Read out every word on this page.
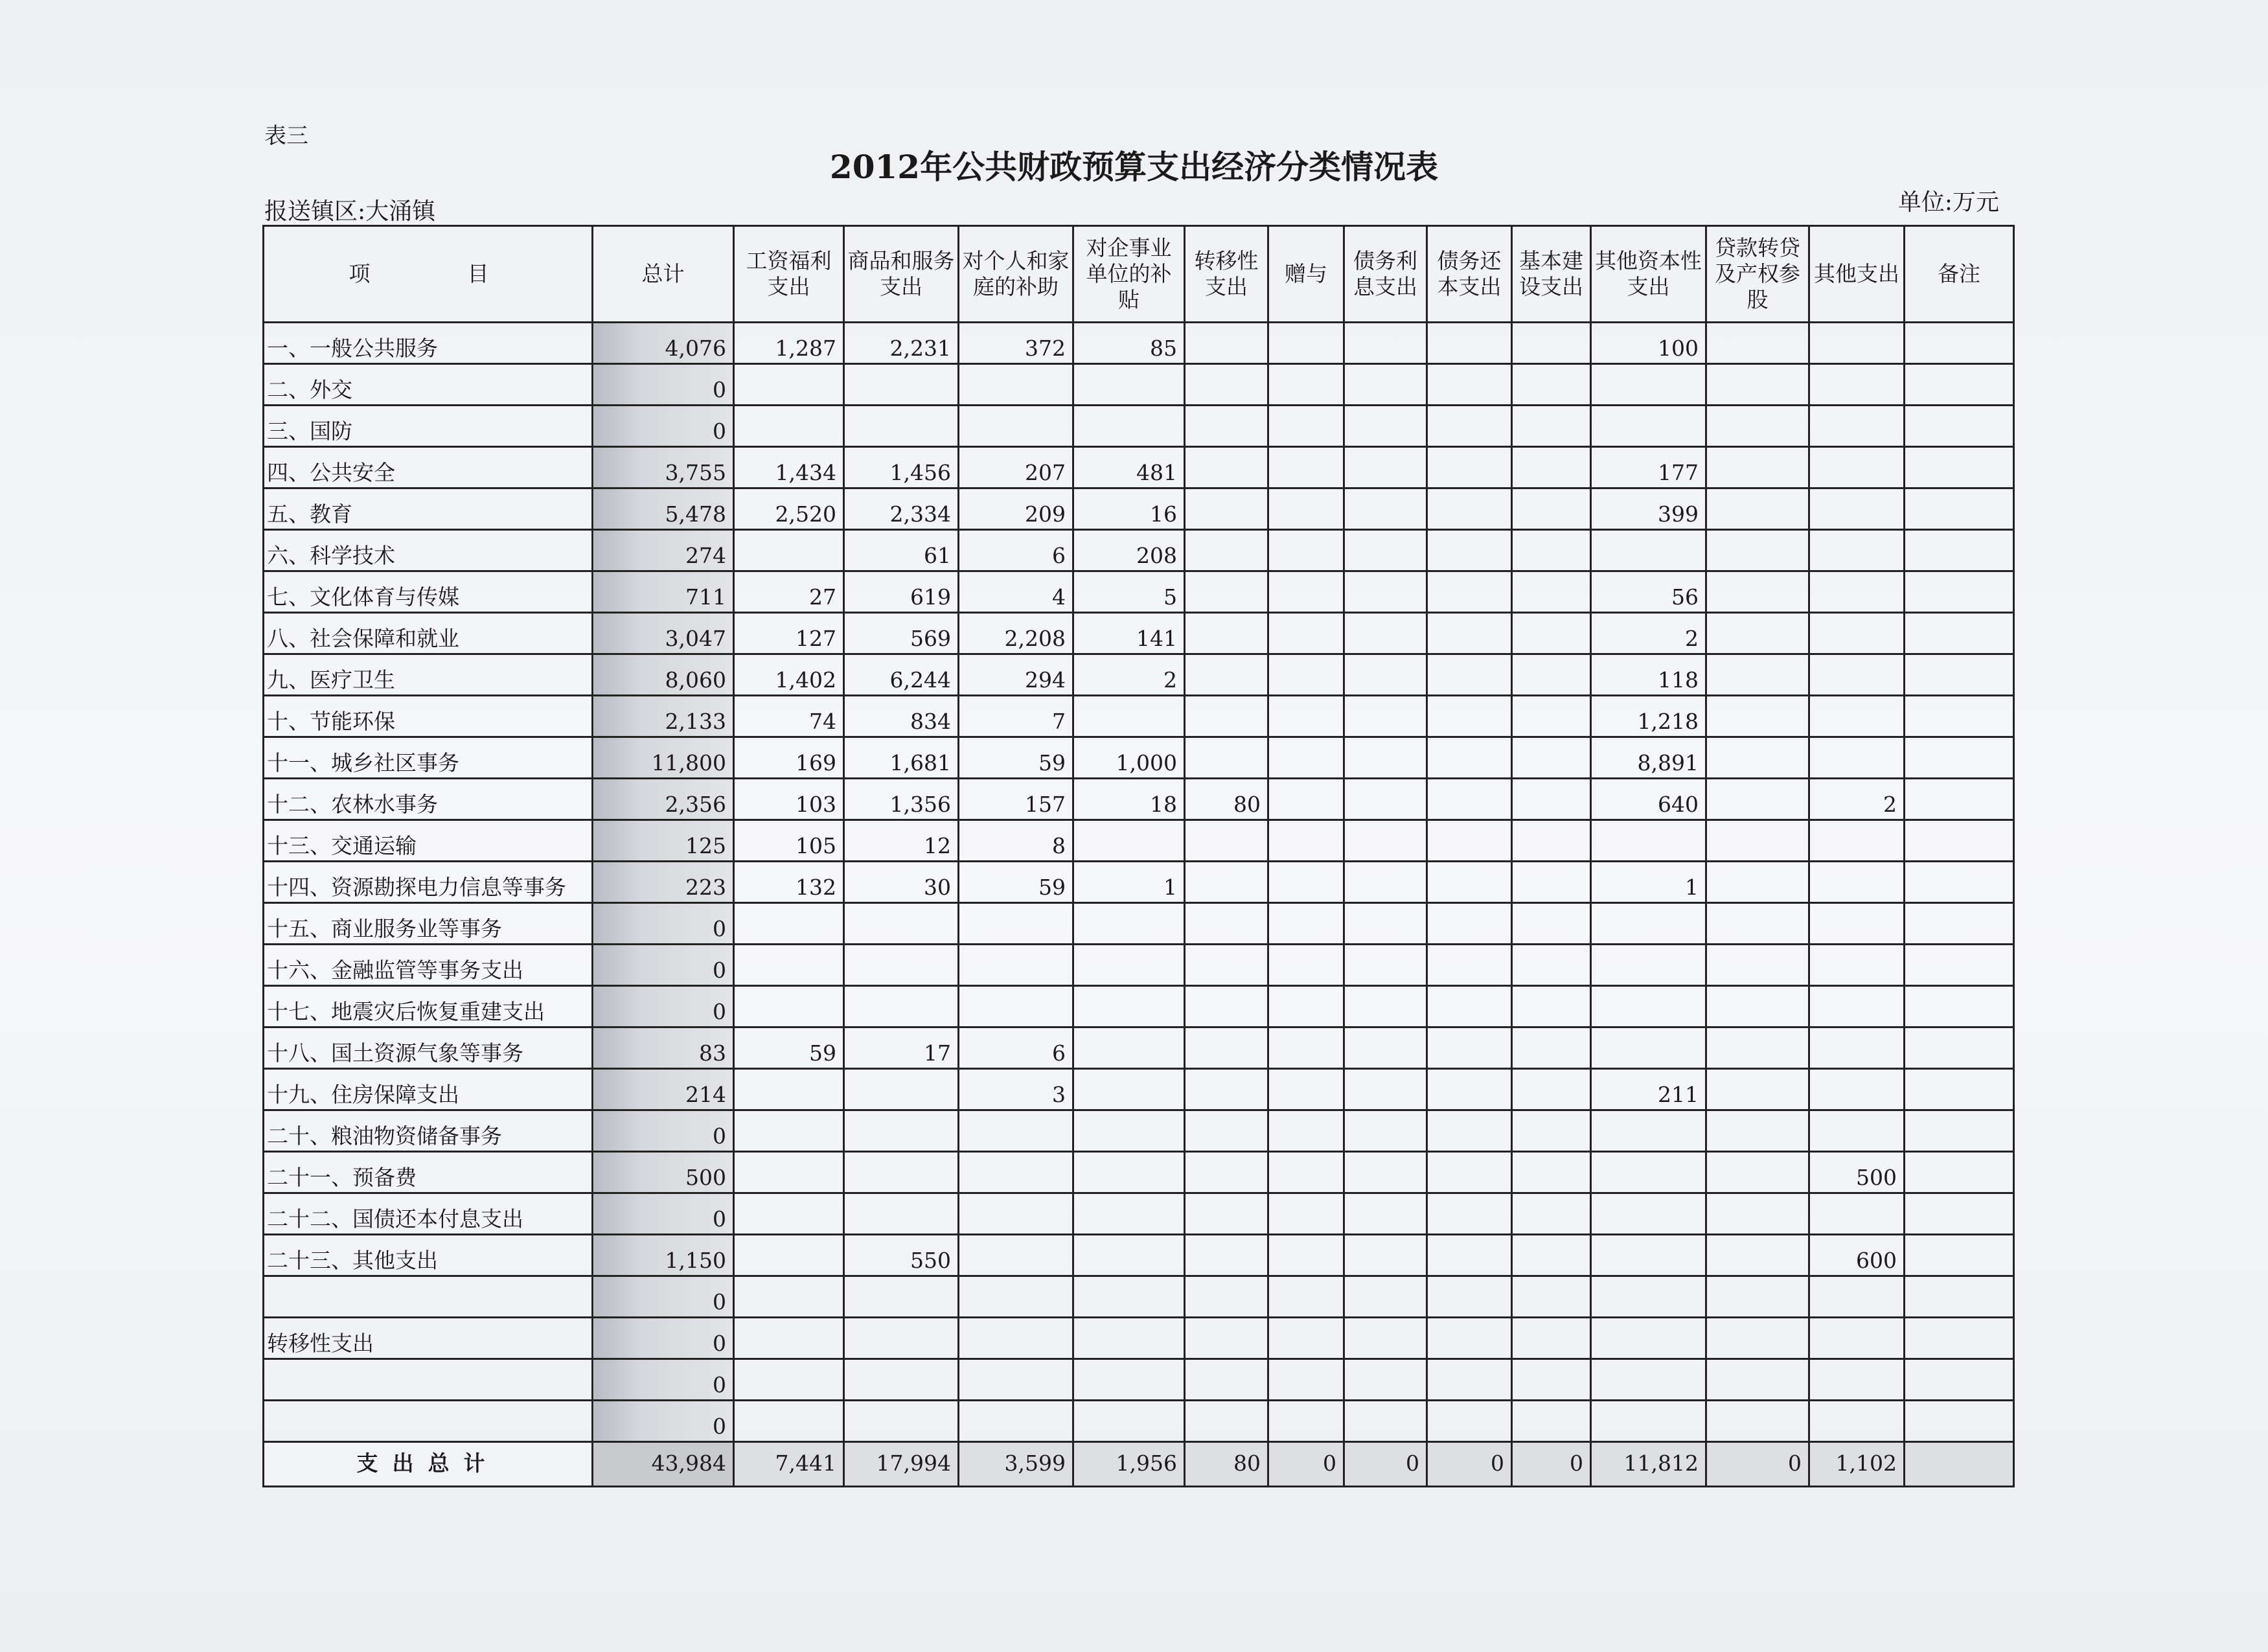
表三
2012年公共财政预算支出经济分类情况表
报送镇区:大涌镇	单位:万元
项　　目	总计	工资福利支出	商品和服务支出	对个人和家庭的补助	对企事业单位的补贴	转移性支出	赠与	债务利息支出	债务还本支出	基本建设支出	其他资本性支出	贷款转贷及产权参股	其他支出	备注
一、一般公共服务	4,076	1,287	2,231	372	85						100			
二、外交	0													
三、国防	0													
四、公共安全	3,755	1,434	1,456	207	481						177			
五、教育	5,478	2,520	2,334	209	16						399			
六、科学技术	274		61	6	208									
七、文化体育与传媒	711	27	619	4	5						56			
八、社会保障和就业	3,047	127	569	2,208	141						2			
九、医疗卫生	8,060	1,402	6,244	294	2						118			
十、节能环保	2,133	74	834	7							1,218			
十一、城乡社区事务	11,800	169	1,681	59	1,000						8,891			
十二、农林水事务	2,356	103	1,356	157	18	80					640		2	
十三、交通运输	125	105	12	8										
十四、资源勘探电力信息等事务	223	132	30	59	1						1			
十五、商业服务业等事务	0													
十六、金融监管等事务支出	0													
十七、地震灾后恢复重建支出	0													
十八、国土资源气象等事务	83	59	17	6										
十九、住房保障支出	214			3							211			
二十、粮油物资储备事务	0													
二十一、预备费	500												500	
二十二、国债还本付息支出	0													
二十三、其他支出	1,150		550										600	
	0													
转移性支出	0													
	0													
	0													
支出总计	43,984	7,441	17,994	3,599	1,956	80	0	0	0	0	11,812	0	1,102	
